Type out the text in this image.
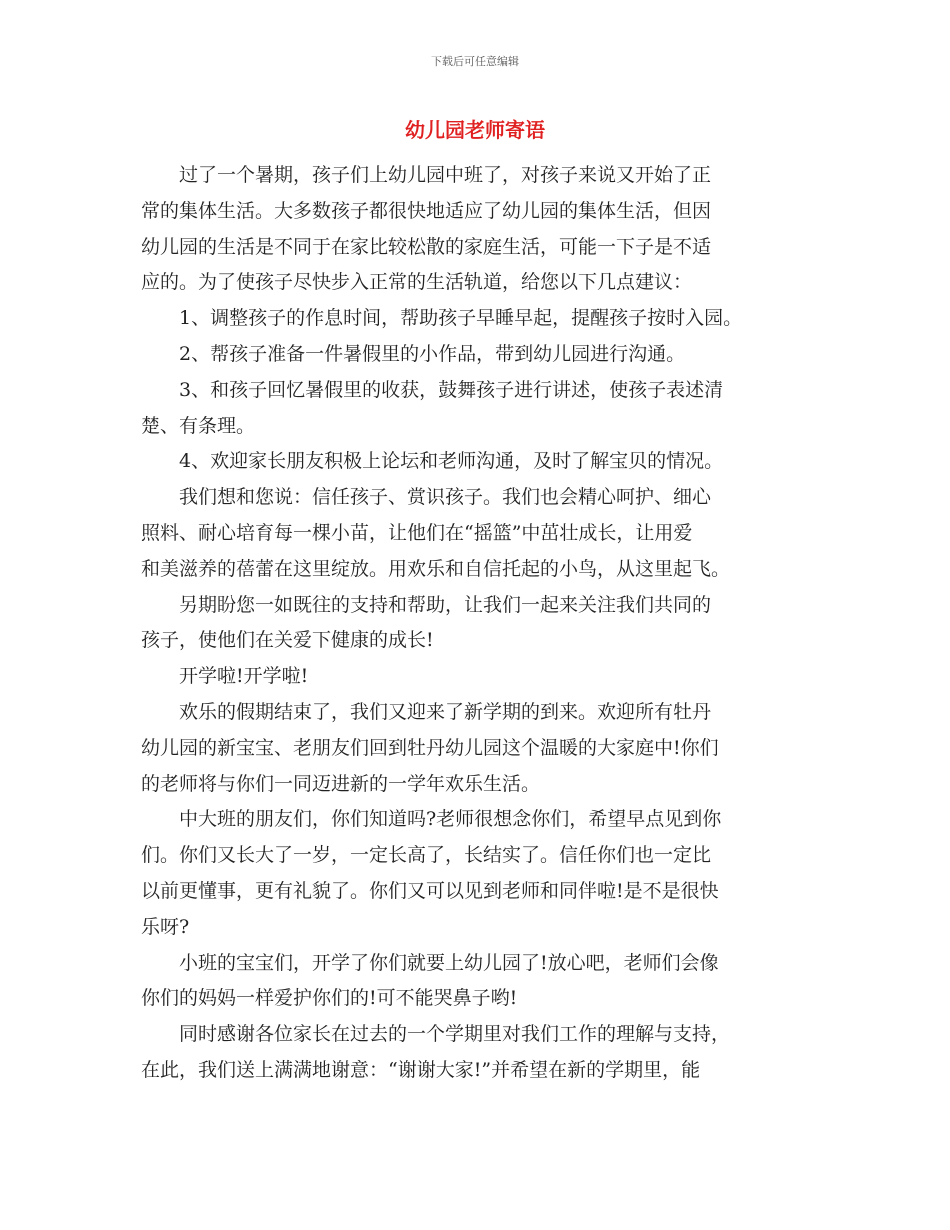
下载后可任意编辑
幼儿园老师寄语

过了一个暑期，孩子们上幼儿园中班了，对孩子来说又开始了正
常的集体生活。大多数孩子都很快地适应了幼儿园的集体生活，但因
幼儿园的生活是不同于在家比较松散的家庭生活，可能一下子是不适
应的。为了使孩子尽快步入正常的生活轨道，给您以下几点建议：

1、调整孩子的作息时间，帮助孩子早睡早起，提醒孩子按时入园。

2、帮孩子准备一件暑假里的小作品，带到幼儿园进行沟通。

3、和孩子回忆暑假里的收获，鼓舞孩子进行讲述，使孩子表述清
楚、有条理。

4、欢迎家长朋友积极上论坛和老师沟通，及时了解宝贝的情况。

我们想和您说：信任孩子、赏识孩子。我们也会精心呵护、细心
照料、耐心培育每一棵小苗，让他们在“摇篮”中茁壮成长，让用爱
和美滋养的蓓蕾在这里绽放。用欢乐和自信托起的小鸟，从这里起飞。

另期盼您一如既往的支持和帮助，让我们一起来关注我们共同的
孩子，使他们在关爱下健康的成长!

开学啦!开学啦!

欢乐的假期结束了，我们又迎来了新学期的到来。欢迎所有牡丹
幼儿园的新宝宝、老朋友们回到牡丹幼儿园这个温暖的大家庭中!你们
的老师将与你们一同迈进新的一学年欢乐生活。

中大班的朋友们，你们知道吗?老师很想念你们，希望早点见到你
们。你们又长大了一岁，一定长高了，长结实了。信任你们也一定比
以前更懂事，更有礼貌了。你们又可以见到老师和同伴啦!是不是很快
乐呀?

小班的宝宝们，开学了你们就要上幼儿园了!放心吧，老师们会像
你们的妈妈一样爱护你们的!可不能哭鼻子哟!

同时感谢各位家长在过去的一个学期里对我们工作的理解与支持，
在此，我们送上满满地谢意：“谢谢大家!”并希望在新的学期里，能
